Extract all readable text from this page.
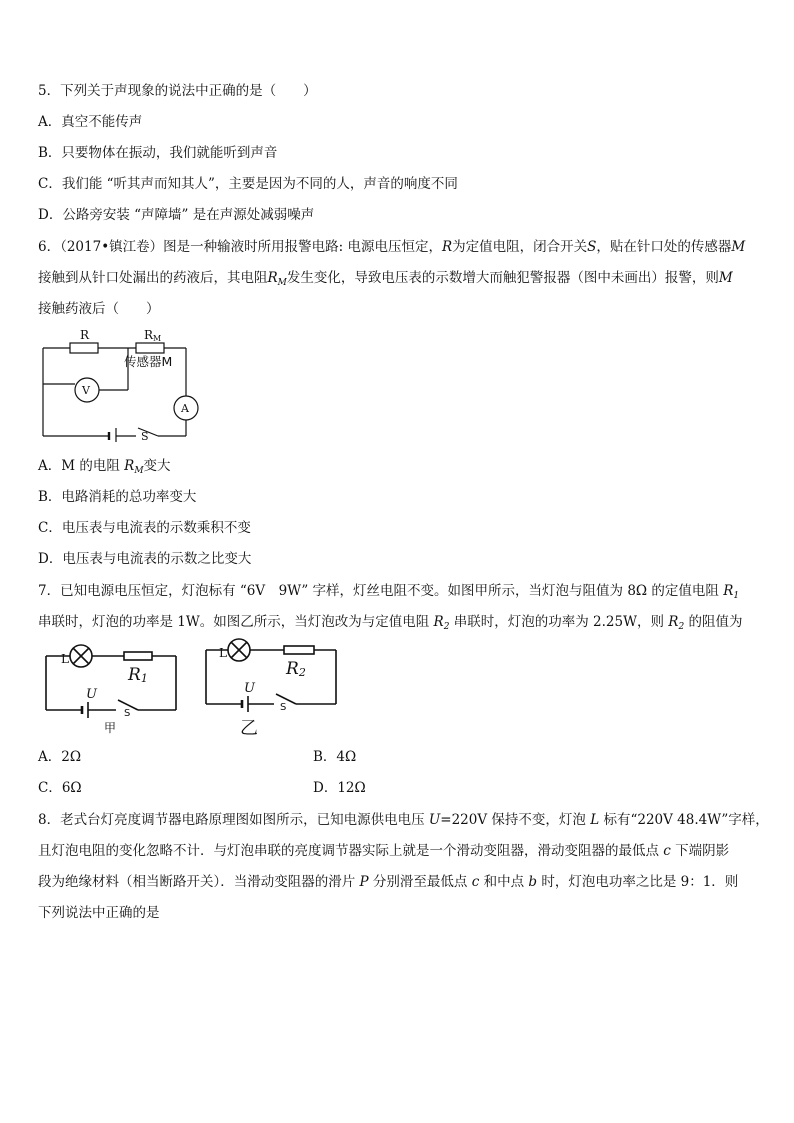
5．下列关于声现象的说法中正确的是（　　）
A．真空不能传声
B．只要物体在振动，我们就能听到声音
C．我们能 “听其声而知其人”，主要是因为不同的人，声音的响度不同
D．公路旁安装 “声障墙” 是在声源处减弱噪声
6．（2017•镇江卷）图是一种输液时所用报警电路: 电源电压恒定，R为定值电阻，闭合开关S，贴在针口处的传感器M
接触到从针口处漏出的药液后，其电阻$R_M$发生变化，导致电压表的示数增大而触犯警报器（图中未画出）报警，则M
接触药液后（　　）
R	RM
传感器M
V
A
S
A．M 的电阻 $R_M$变大
B．电路消耗的总功率变大
C．电压表与电流表的示数乘积不变
D．电压表与电流表的示数之比变大
7．已知电源电压恒定，灯泡标有 “6V　9W” 字样，灯丝电阻不变。如图甲所示，当灯泡与阻值为 8Ω 的定值电阻 $R_1$
串联时，灯泡的功率是 1W。如图乙所示，当灯泡改为与定值电阻 $R_2$ 串联时，灯泡的功率为 2.25W，则 $R_2$ 的阻值为
L
R1
U
S
甲
L
R2
U
S
乙
A．2Ω	B．4Ω
C．6Ω	D．12Ω
8．老式台灯亮度调节器电路原理图如图所示，已知电源供电电压 U=220V 保持不变，灯泡 L 标有“220V 48.4W”字样，
且灯泡电阻的变化忽略不计．与灯泡串联的亮度调节器实际上就是一个滑动变阻器，滑动变阻器的最低点 c 下端阴影
段为绝缘材料（相当断路开关）．当滑动变阻器的滑片 P 分别滑至最低点 c 和中点 b 时，灯泡电功率之比是 9：1．则
下列说法中正确的是
